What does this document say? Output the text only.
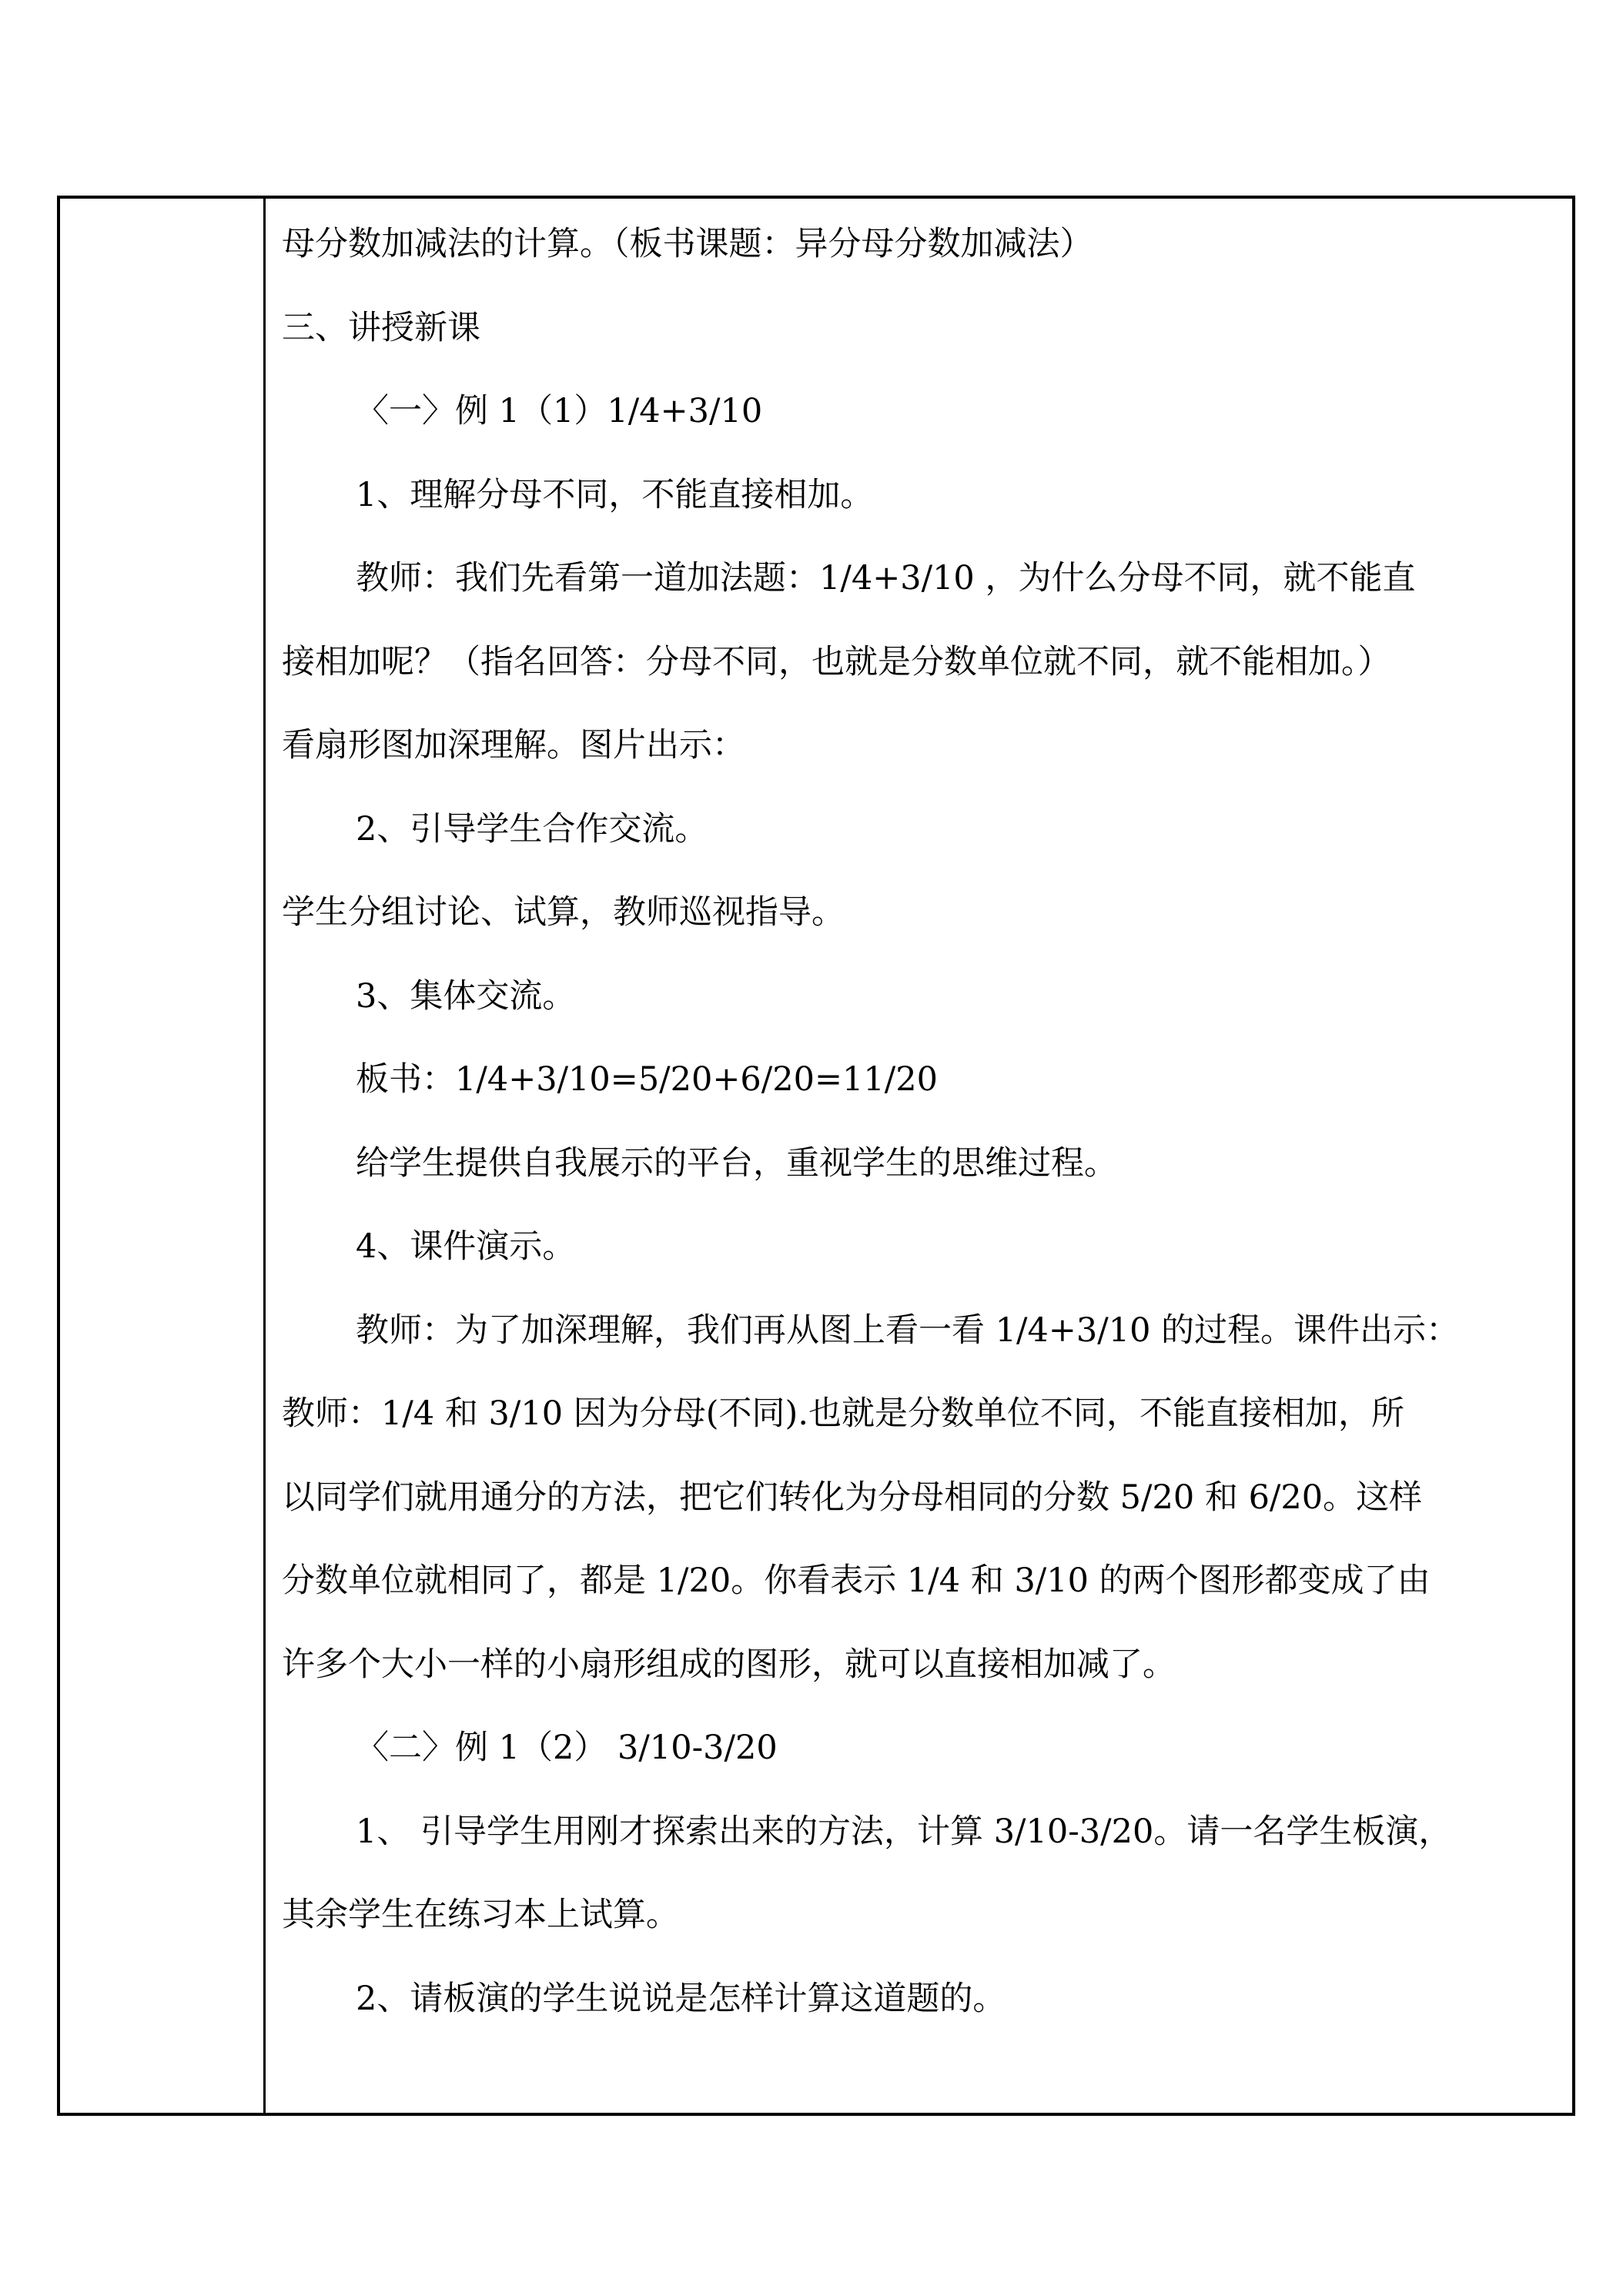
母分数加减法的计算。（板书课题：异分母分数加减法）
三、讲授新课
〈一〉例 1（1）1/4+3/10
1、理解分母不同，不能直接相加。
教师：我们先看第一道加法题：1/4+3/10 ，为什么分母不同，就不能直
接相加呢？（指名回答：分母不同，也就是分数单位就不同，就不能相加。）
看扇形图加深理解。图片出示：
2、引导学生合作交流。
学生分组讨论、试算，教师巡视指导。
3、集体交流。
板书：1/4+3/10=5/20+6/20=11/20
给学生提供自我展示的平台，重视学生的思维过程。
4、课件演示。
教师：为了加深理解，我们再从图上看一看 1/4+3/10 的过程。课件出示：
教师：1/4 和 3/10 因为分母(不同).也就是分数单位不同，不能直接相加，所
以同学们就用通分的方法，把它们转化为分母相同的分数 5/20 和 6/20。这样
分数单位就相同了，都是 1/20。你看表示 1/4 和 3/10 的两个图形都变成了由
许多个大小一样的小扇形组成的图形，就可以直接相加减了。
〈二〉例 1（2） 3/10-3/20
1、 引导学生用刚才探索出来的方法，计算 3/10-3/20。请一名学生板演，
其余学生在练习本上试算。
2、请板演的学生说说是怎样计算这道题的。
